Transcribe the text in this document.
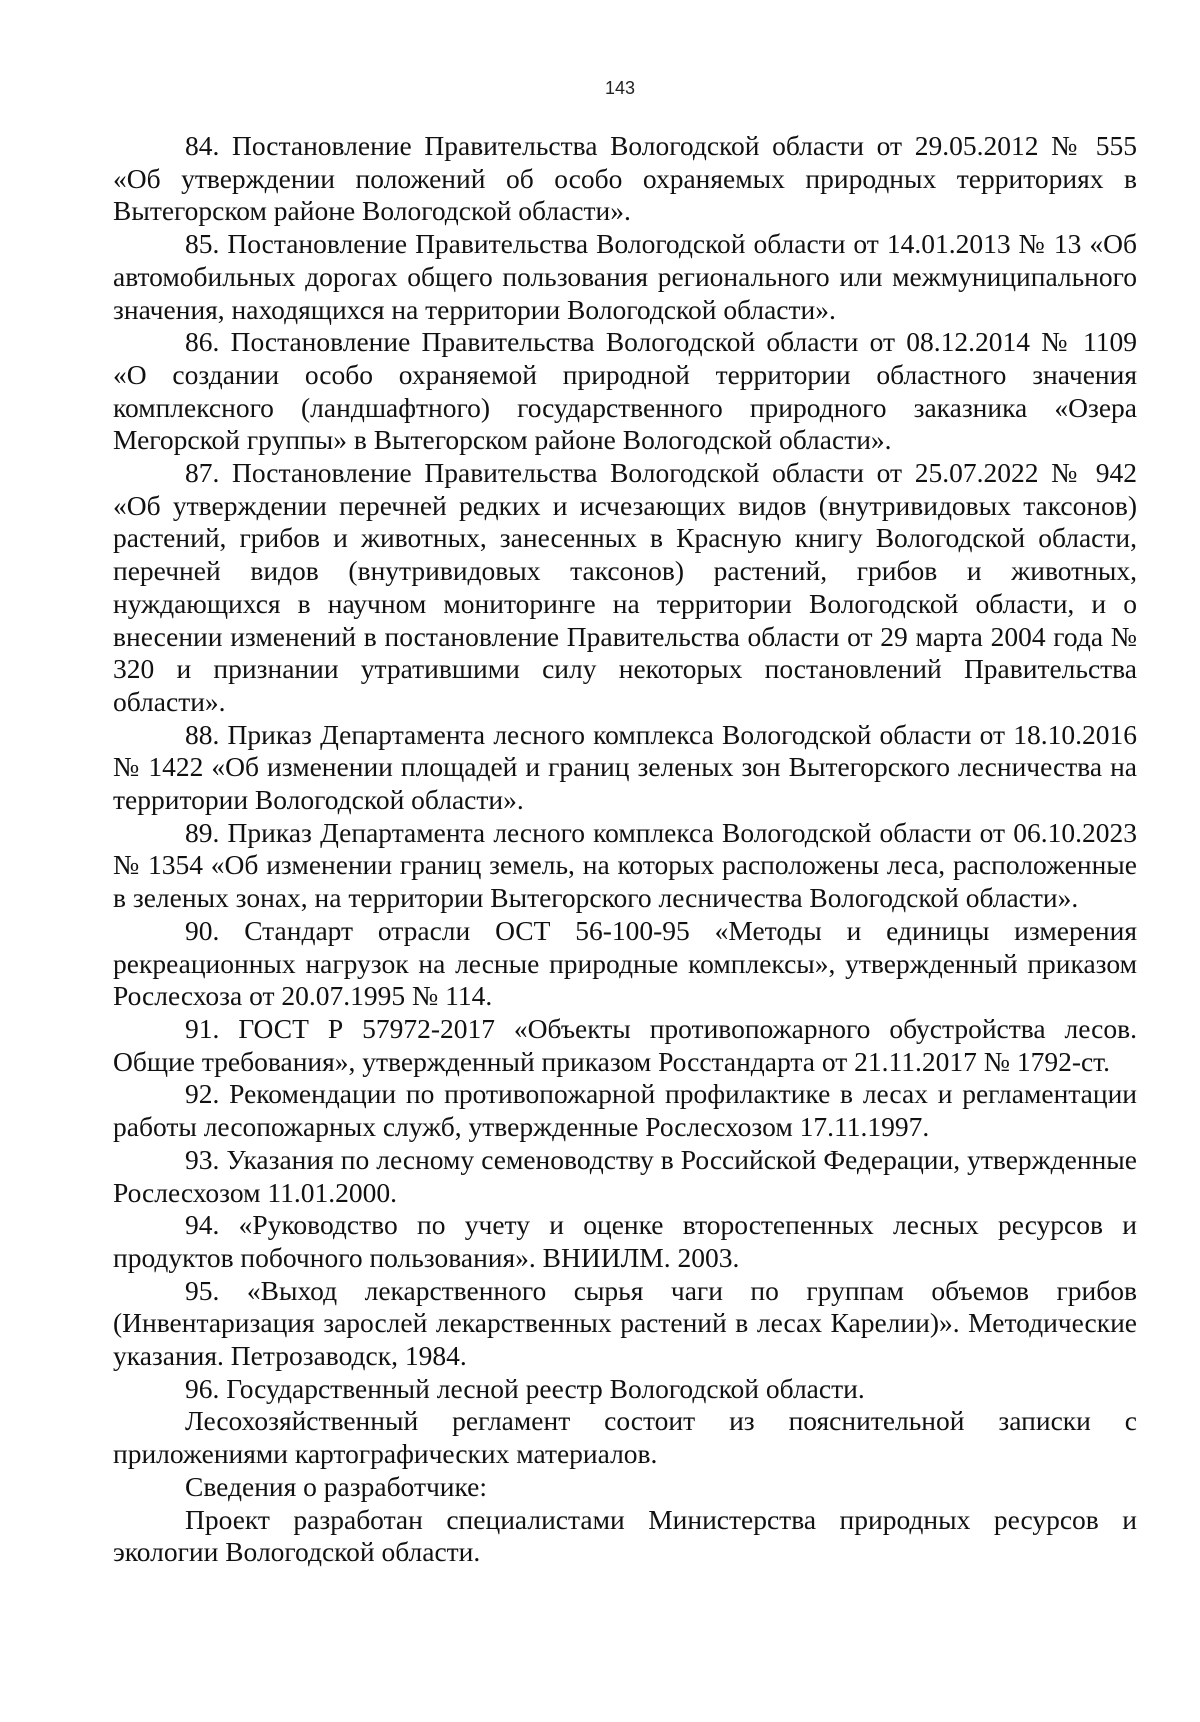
143

84. Постановление Правительства Вологодской области от 29.05.2012 № 555 «Об утверждении положений об особо охраняемых природных территориях в Вытегорском районе Вологодской области».

85. Постановление Правительства Вологодской области от 14.01.2013 № 13 «Об автомобильных дорогах общего пользования регионального или межмуниципального значения, находящихся на территории Вологодской области».

86. Постановление Правительства Вологодской области от 08.12.2014 № 1109 «О создании особо охраняемой природной территории областного значения комплексного (ландшафтного) государственного природного заказника «Озера Мегорской группы» в Вытегорском районе Вологодской области».

87. Постановление Правительства Вологодской области от 25.07.2022 № 942 «Об утверждении перечней редких и исчезающих видов (внутривидовых таксонов) растений, грибов и животных, занесенных в Красную книгу Вологодской области, перечней видов (внутривидовых таксонов) растений, грибов и животных, нуждающихся в научном мониторинге на территории Вологодской области, и о внесении изменений в постановление Правительства области от 29 марта 2004 года № 320 и признании утратившими силу некоторых постановлений Правительства области».

88. Приказ Департамента лесного комплекса Вологодской области от 18.10.2016 № 1422 «Об изменении площадей и границ зеленых зон Вытегорского лесничества на территории Вологодской области».

89. Приказ Департамента лесного комплекса Вологодской области от 06.10.2023 № 1354 «Об изменении границ земель, на которых расположены леса, расположенные в зеленых зонах, на территории Вытегорского лесничества Вологодской области».

90. Стандарт отрасли ОСТ 56-100-95 «Методы и единицы измерения рекреационных нагрузок на лесные природные комплексы», утвержденный приказом Рослесхоза от 20.07.1995 № 114.

91. ГОСТ Р 57972-2017 «Объекты противопожарного обустройства лесов. Общие требования», утвержденный приказом Росстандарта от 21.11.2017 № 1792-ст.

92. Рекомендации по противопожарной профилактике в лесах и регламентации работы лесопожарных служб, утвержденные Рослесхозом 17.11.1997.

93. Указания по лесному семеноводству в Российской Федерации, утвержденные Рослесхозом 11.01.2000.

94. «Руководство по учету и оценке второстепенных лесных ресурсов и продуктов побочного пользования». ВНИИЛМ. 2003.

95. «Выход лекарственного сырья чаги по группам объемов грибов (Инвентаризация зарослей лекарственных растений в лесах Карелии)». Методические указания. Петрозаводск, 1984.

96. Государственный лесной реестр Вологодской области.

Лесохозяйственный регламент состоит из пояснительной записки с приложениями картографических материалов.

Сведения о разработчике:

Проект разработан специалистами Министерства природных ресурсов и экологии Вологодской области.
